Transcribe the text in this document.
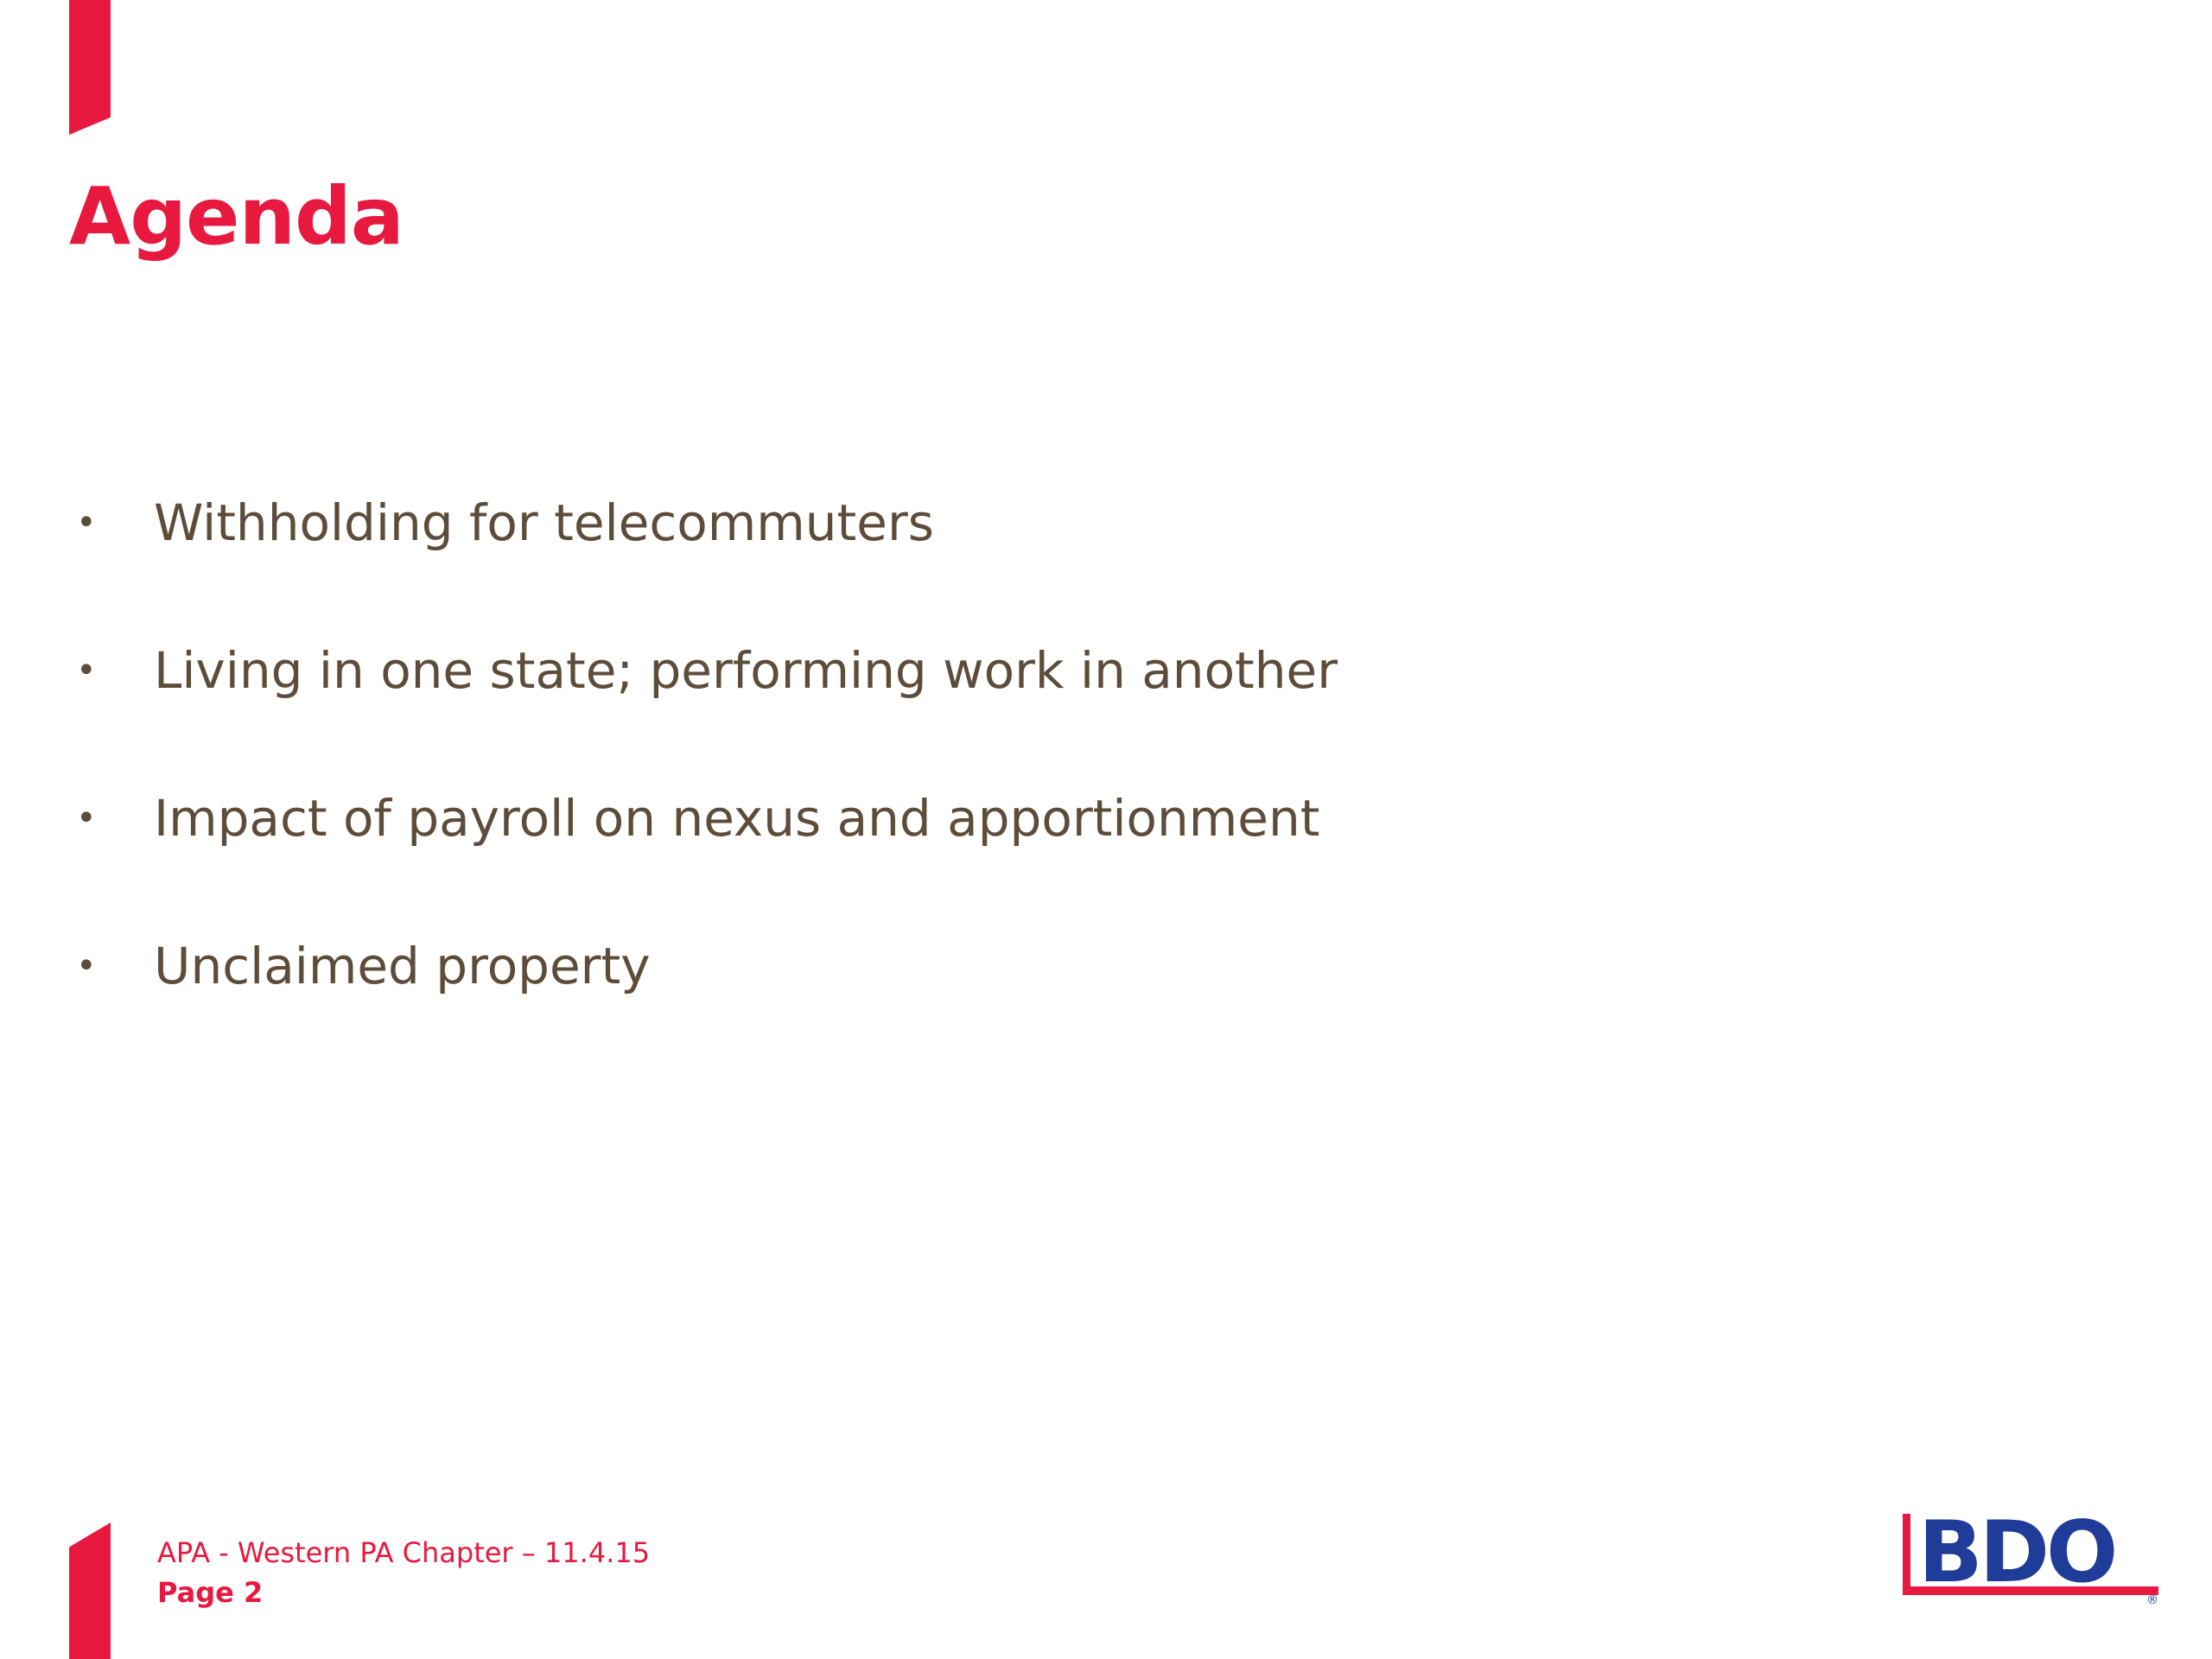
Agenda
•	Withholding for telecommuters
•	Living in one state; performing work in another
•	Impact of payroll on nexus and apportionment
•	Unclaimed property
APA - Western PA Chapter – 11.4.15
Page 2	BDO	®
